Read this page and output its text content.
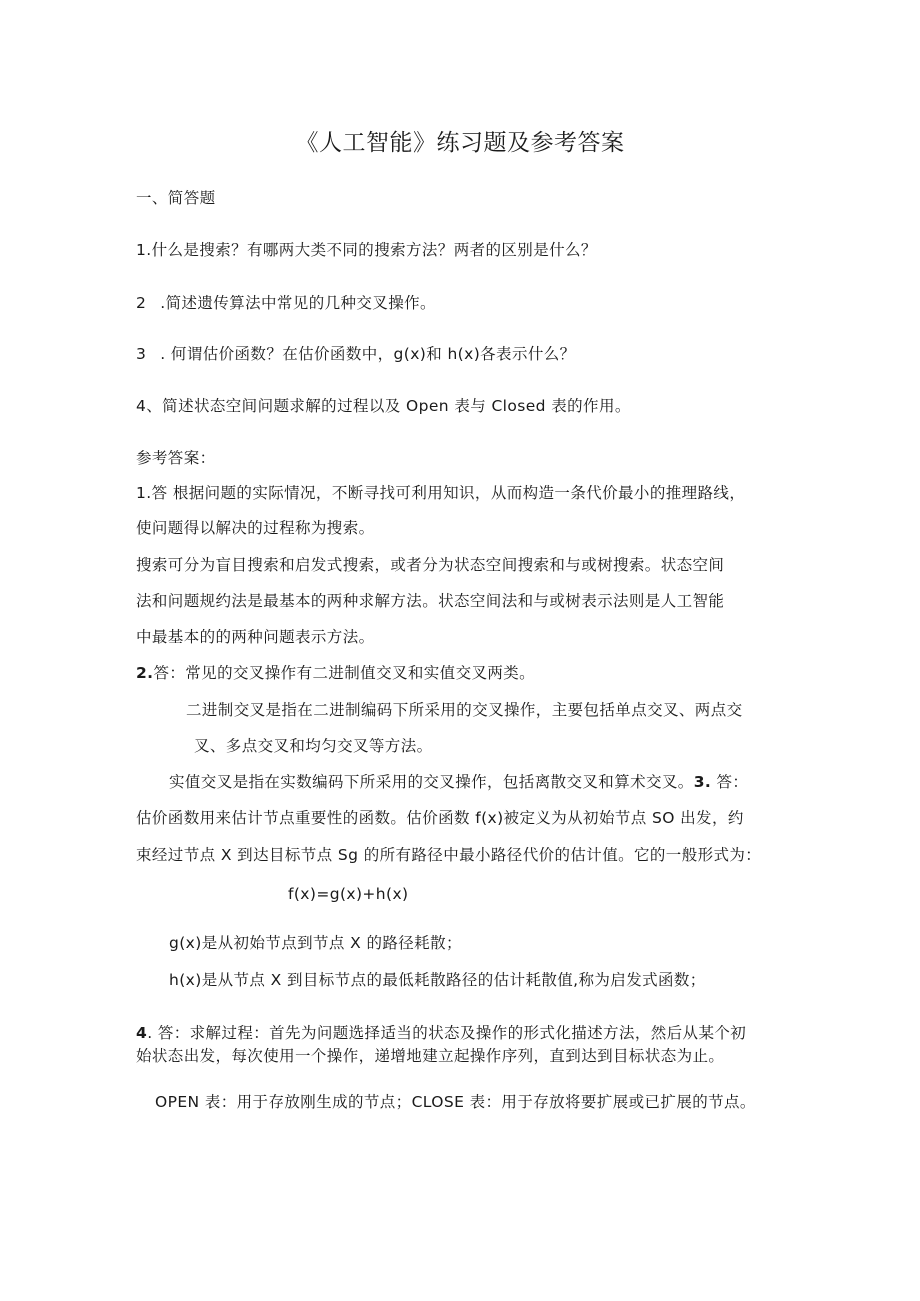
《人工智能》练习题及参考答案
一、简答题
1.什么是搜索？有哪两大类不同的搜索方法？两者的区别是什么？
2 .简述遗传算法中常见的几种交叉操作。
3 . 何谓估价函数？在估价函数中，g(x)和 h(x)各表示什么？
4、简述状态空间问题求解的过程以及 Open 表与 Closed 表的作用。
参考答案：
1.答 根据问题的实际情况，不断寻找可利用知识，从而构造一条代价最小的推理路线，
使问题得以解决的过程称为搜索。
搜索可分为盲目搜索和启发式搜索，或者分为状态空间搜索和与或树搜索。状态空间
法和问题规约法是最基本的两种求解方法。状态空间法和与或树表示法则是人工智能
中最基本的的两种问题表示方法。
2.答：常见的交叉操作有二进制值交叉和实值交叉两类。
二进制交叉是指在二进制编码下所采用的交叉操作，主要包括单点交叉、两点交
叉、多点交叉和均匀交叉等方法。
实值交叉是指在实数编码下所采用的交叉操作，包括离散交叉和算术交叉。3. 答：
估价函数用来估计节点重要性的函数。估价函数 f(x)被定义为从初始节点 SO 出发，约
束经过节点 X 到达目标节点 Sg 的所有路径中最小路径代价的估计值。它的一般形式为：
f(x)=g(x)+h(x)
g(x)是从初始节点到节点 X 的路径耗散；
h(x)是从节点 X 到目标节点的最低耗散路径的估计耗散值,称为启发式函数；
4. 答：求解过程：首先为问题选择适当的状态及操作的形式化描述方法，然后从某个初
始状态出发，每次使用一个操作，递增地建立起操作序列，直到达到目标状态为止。
OPEN 表：用于存放刚生成的节点；CLOSE 表：用于存放将要扩展或已扩展的节点。
